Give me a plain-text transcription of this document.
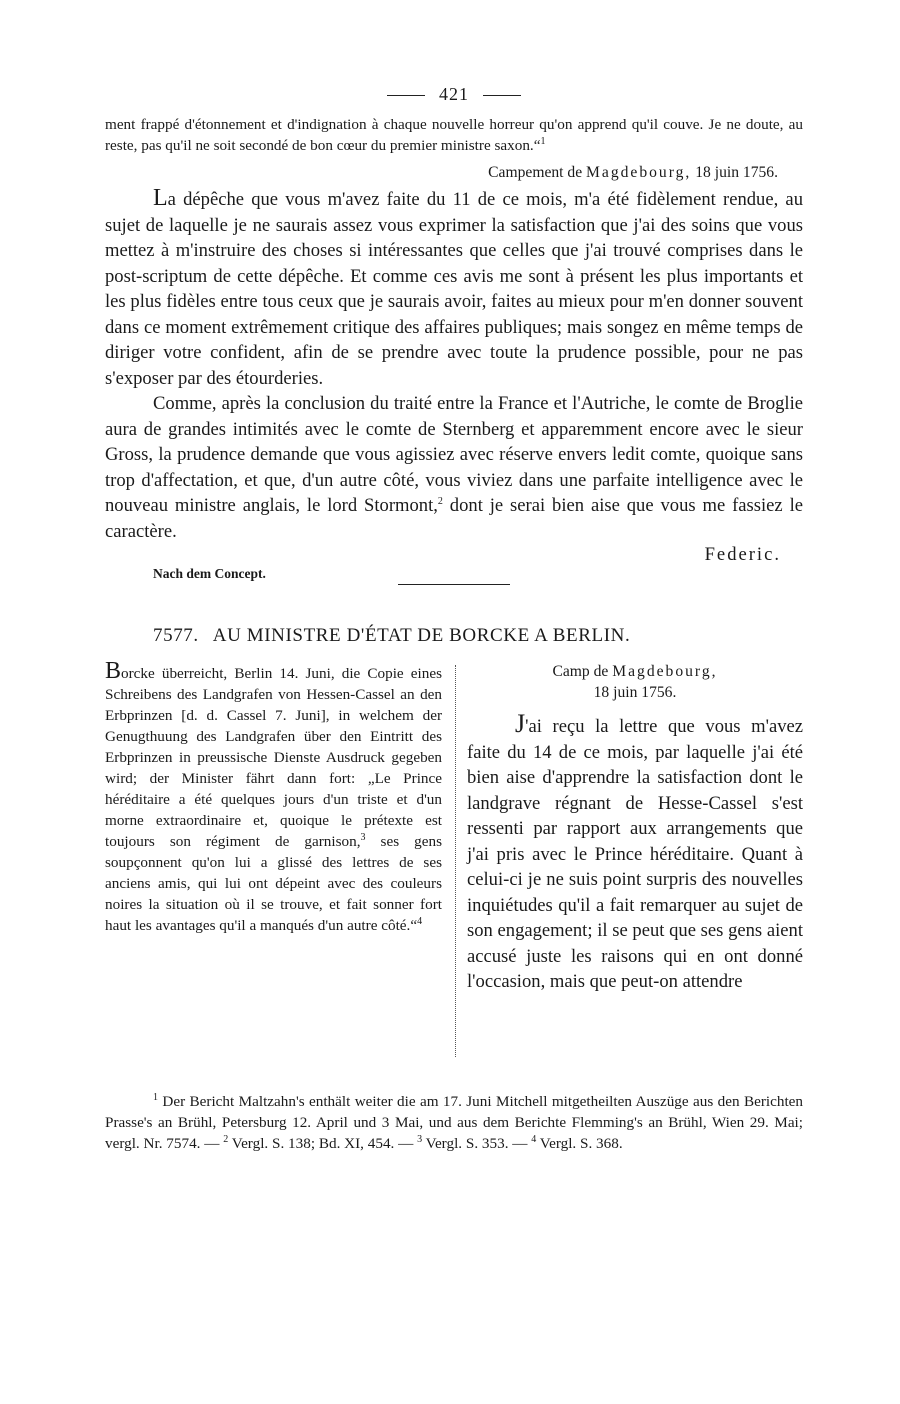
421
ment frappé d'étonnement et d'indignation à chaque nouvelle horreur qu'on apprend qu'il couve. Je ne doute, au reste, pas qu'il ne soit secondé de bon cœur du premier ministre saxon.“$^1$
Campement de Magdebourg, 18 juin 1756.
La dépêche que vous m'avez faite du 11 de ce mois, m'a été fidèlement rendue, au sujet de laquelle je ne saurais assez vous exprimer la satisfaction que j'ai des soins que vous mettez à m'instruire des choses si intéressantes que celles que j'ai trouvé comprises dans le post-scriptum de cette dépêche. Et comme ces avis me sont à présent les plus importants et les plus fidèles entre tous ceux que je saurais avoir, faites au mieux pour m'en donner souvent dans ce moment extrêmement critique des affaires publiques; mais songez en même temps de diriger votre confident, afin de se prendre avec toute la prudence possible, pour ne pas s'exposer par des étourderies.
Comme, après la conclusion du traité entre la France et l'Autriche, le comte de Broglie aura de grandes intimités avec le comte de Sternberg et apparemment encore avec le sieur Gross, la prudence demande que vous agissiez avec réserve envers ledit comte, quoique sans trop d'affectation, et que, d'un autre côté, vous viviez dans une parfaite intelligence avec le nouveau ministre anglais, le lord Stormont,$^2$ dont je serai bien aise que vous me fassiez le caractère.
Federic.
Nach dem Concept.
7577. AU MINISTRE D'ÉTAT DE BORCKE A BERLIN.
Borcke überreicht, Berlin 14. Juni, die Copie eines Schreibens des Landgrafen von Hessen-Cassel an den Erbprinzen [d. d. Cassel 7. Juni], in welchem der Genugthuung des Landgrafen über den Eintritt des Erbprinzen in preussische Dienste Ausdruck gegeben wird; der Minister fährt dann fort: „Le Prince héréditaire a été quelques jours d'un triste et d'un morne extraordinaire et, quoique le prétexte est toujours son régiment de garnison,$^3$ ses gens soupçonnent qu'on lui a glissé des lettres de ses anciens amis, qui lui ont dépeint avec des couleurs noires la situation où il se trouve, et fait sonner fort haut les avantages qu'il a manqués d'un autre côté.“$^4$
Camp de Magdebourg,
18 juin 1756.
J'ai reçu la lettre que vous m'avez faite du 14 de ce mois, par laquelle j'ai été bien aise d'apprendre la satisfaction dont le landgrave régnant de Hesse-Cassel s'est ressenti par rapport aux arrangements que j'ai pris avec le Prince héréditaire. Quant à celui-ci je ne suis point surpris des nouvelles inquiétudes qu'il a fait remarquer au sujet de son engagement; il se peut que ses gens aient accusé juste les raisons qui en ont donné l'occasion, mais que peut-on attendre
$^1$ Der Bericht Maltzahn's enthält weiter die am 17. Juni Mitchell mitgetheilten Auszüge aus den Berichten Prasse's an Brühl, Petersburg 12. April und 3 Mai, und aus dem Berichte Flemming's an Brühl, Wien 29. Mai; vergl. Nr. 7574. — $^2$ Vergl. S. 138; Bd. XI, 454. — $^3$ Vergl. S. 353. — $^4$ Vergl. S. 368.
